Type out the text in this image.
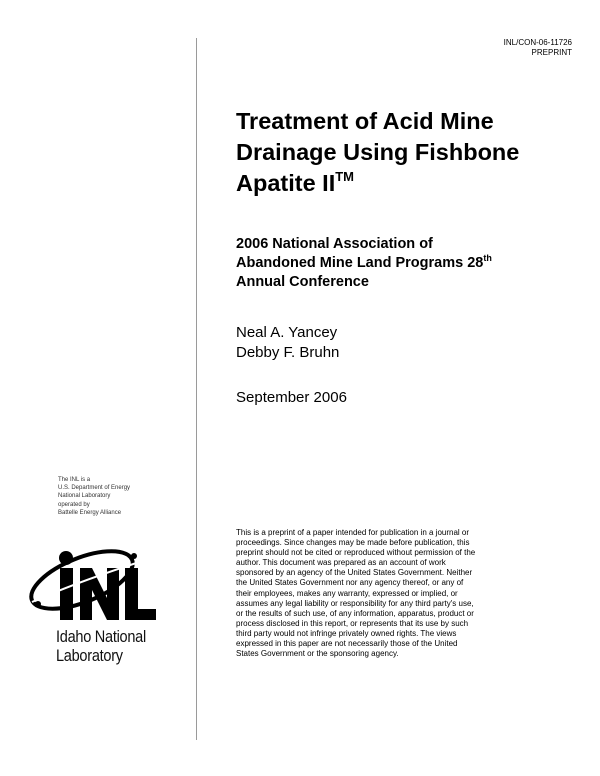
INL/CON-06-11726
PREPRINT
Treatment of Acid Mine
Drainage Using Fishbone
Apatite II™
2006 National Association of
Abandoned Mine Land Programs 28th
Annual Conference
Neal A. Yancey
Debby F. Bruhn
September 2006

This is a preprint of a paper intended for publication in a journal or
proceedings. Since changes may be made before publication, this
preprint should not be cited or reproduced without permission of the
author. This document was prepared as an account of work
sponsored by an agency of the United States Government. Neither
the United States Government nor any agency thereof, or any of
their employees, makes any warranty, expressed or implied, or
assumes any legal liability or responsibility for any third party's use,
or the results of such use, of any information, apparatus, product or
process disclosed in this report, or represents that its use by such
third party would not infringe privately owned rights. The views
expressed in this paper are not necessarily those of the United
States Government or the sponsoring agency.

The INL is a
U.S. Department of Energy
National Laboratory
operated by
Battelle Energy Alliance
Idaho National
Laboratory
